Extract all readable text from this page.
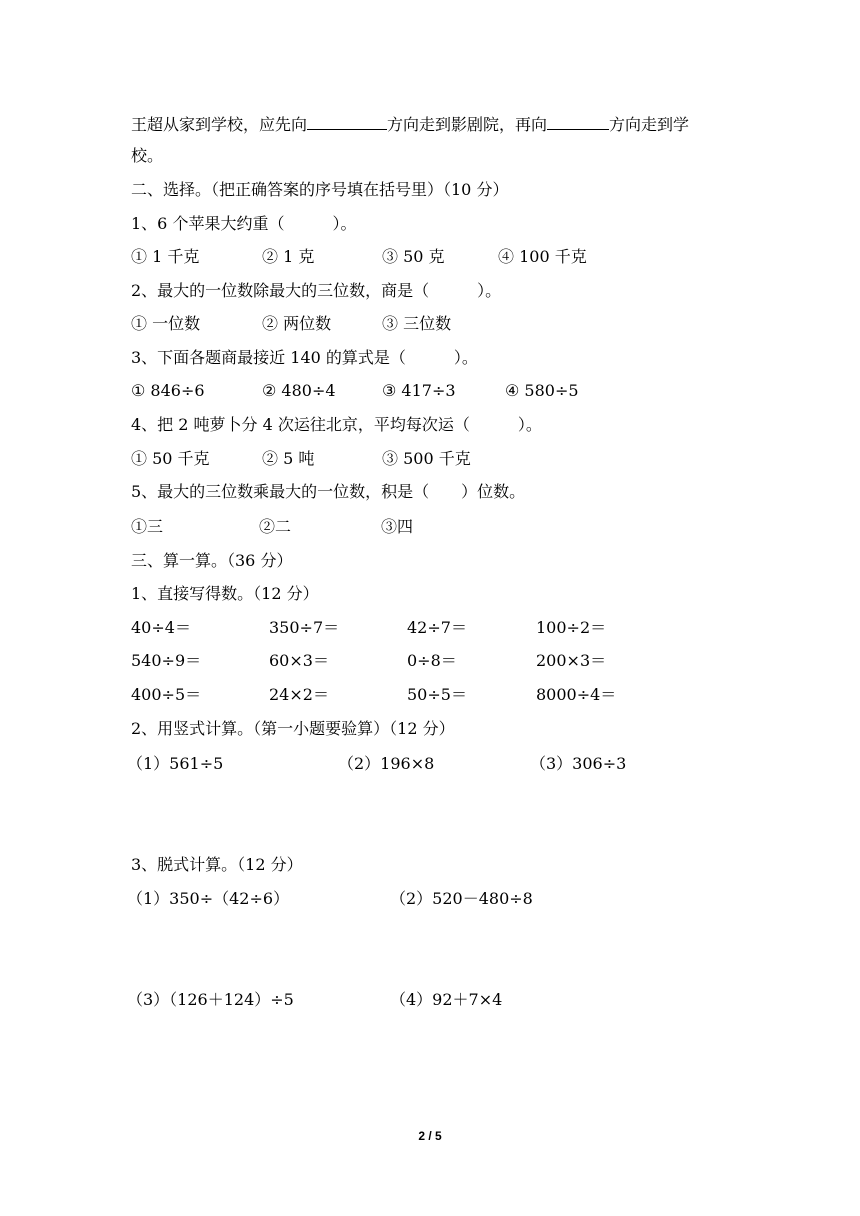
王超从家到学校，应先向	方向走到影剧院，再向	方向走到学
校。
二、选择。（把正确答案的序号填在括号里）（10 分）
1、6 个苹果大约重（　　　）。
① 1 千克	② 1 克	③ 50 克	④ 100 千克
2、最大的一位数除最大的三位数，商是（　　　）。
① 一位数	② 两位数	③ 三位数
3、下面各题商最接近 140 的算式是（　　　）。
① 846÷6	② 480÷4	③ 417÷3	④ 580÷5
4、把 2 吨萝卜分 4 次运往北京，平均每次运（　　　）。
① 50 千克	② 5 吨	③ 500 千克
5、最大的三位数乘最大的一位数，积是（　　）位数。
①三	②二	③四
三、算一算。（36 分）
1、直接写得数。（12 分）
40÷4＝	350÷7＝	42÷7＝	100÷2＝
540÷9＝	60×3＝	0÷8＝	200×3＝
400÷5＝	24×2＝	50÷5＝	8000÷4＝
2、用竖式计算。（第一小题要验算）（12 分）
（1）561÷5	（2）196×8	（3）306÷3
3、脱式计算。（12 分）
（1）350÷（42÷6）	（2）520－480÷8
（3）（126＋124）÷5	（4）92＋7×4
2 / 5
